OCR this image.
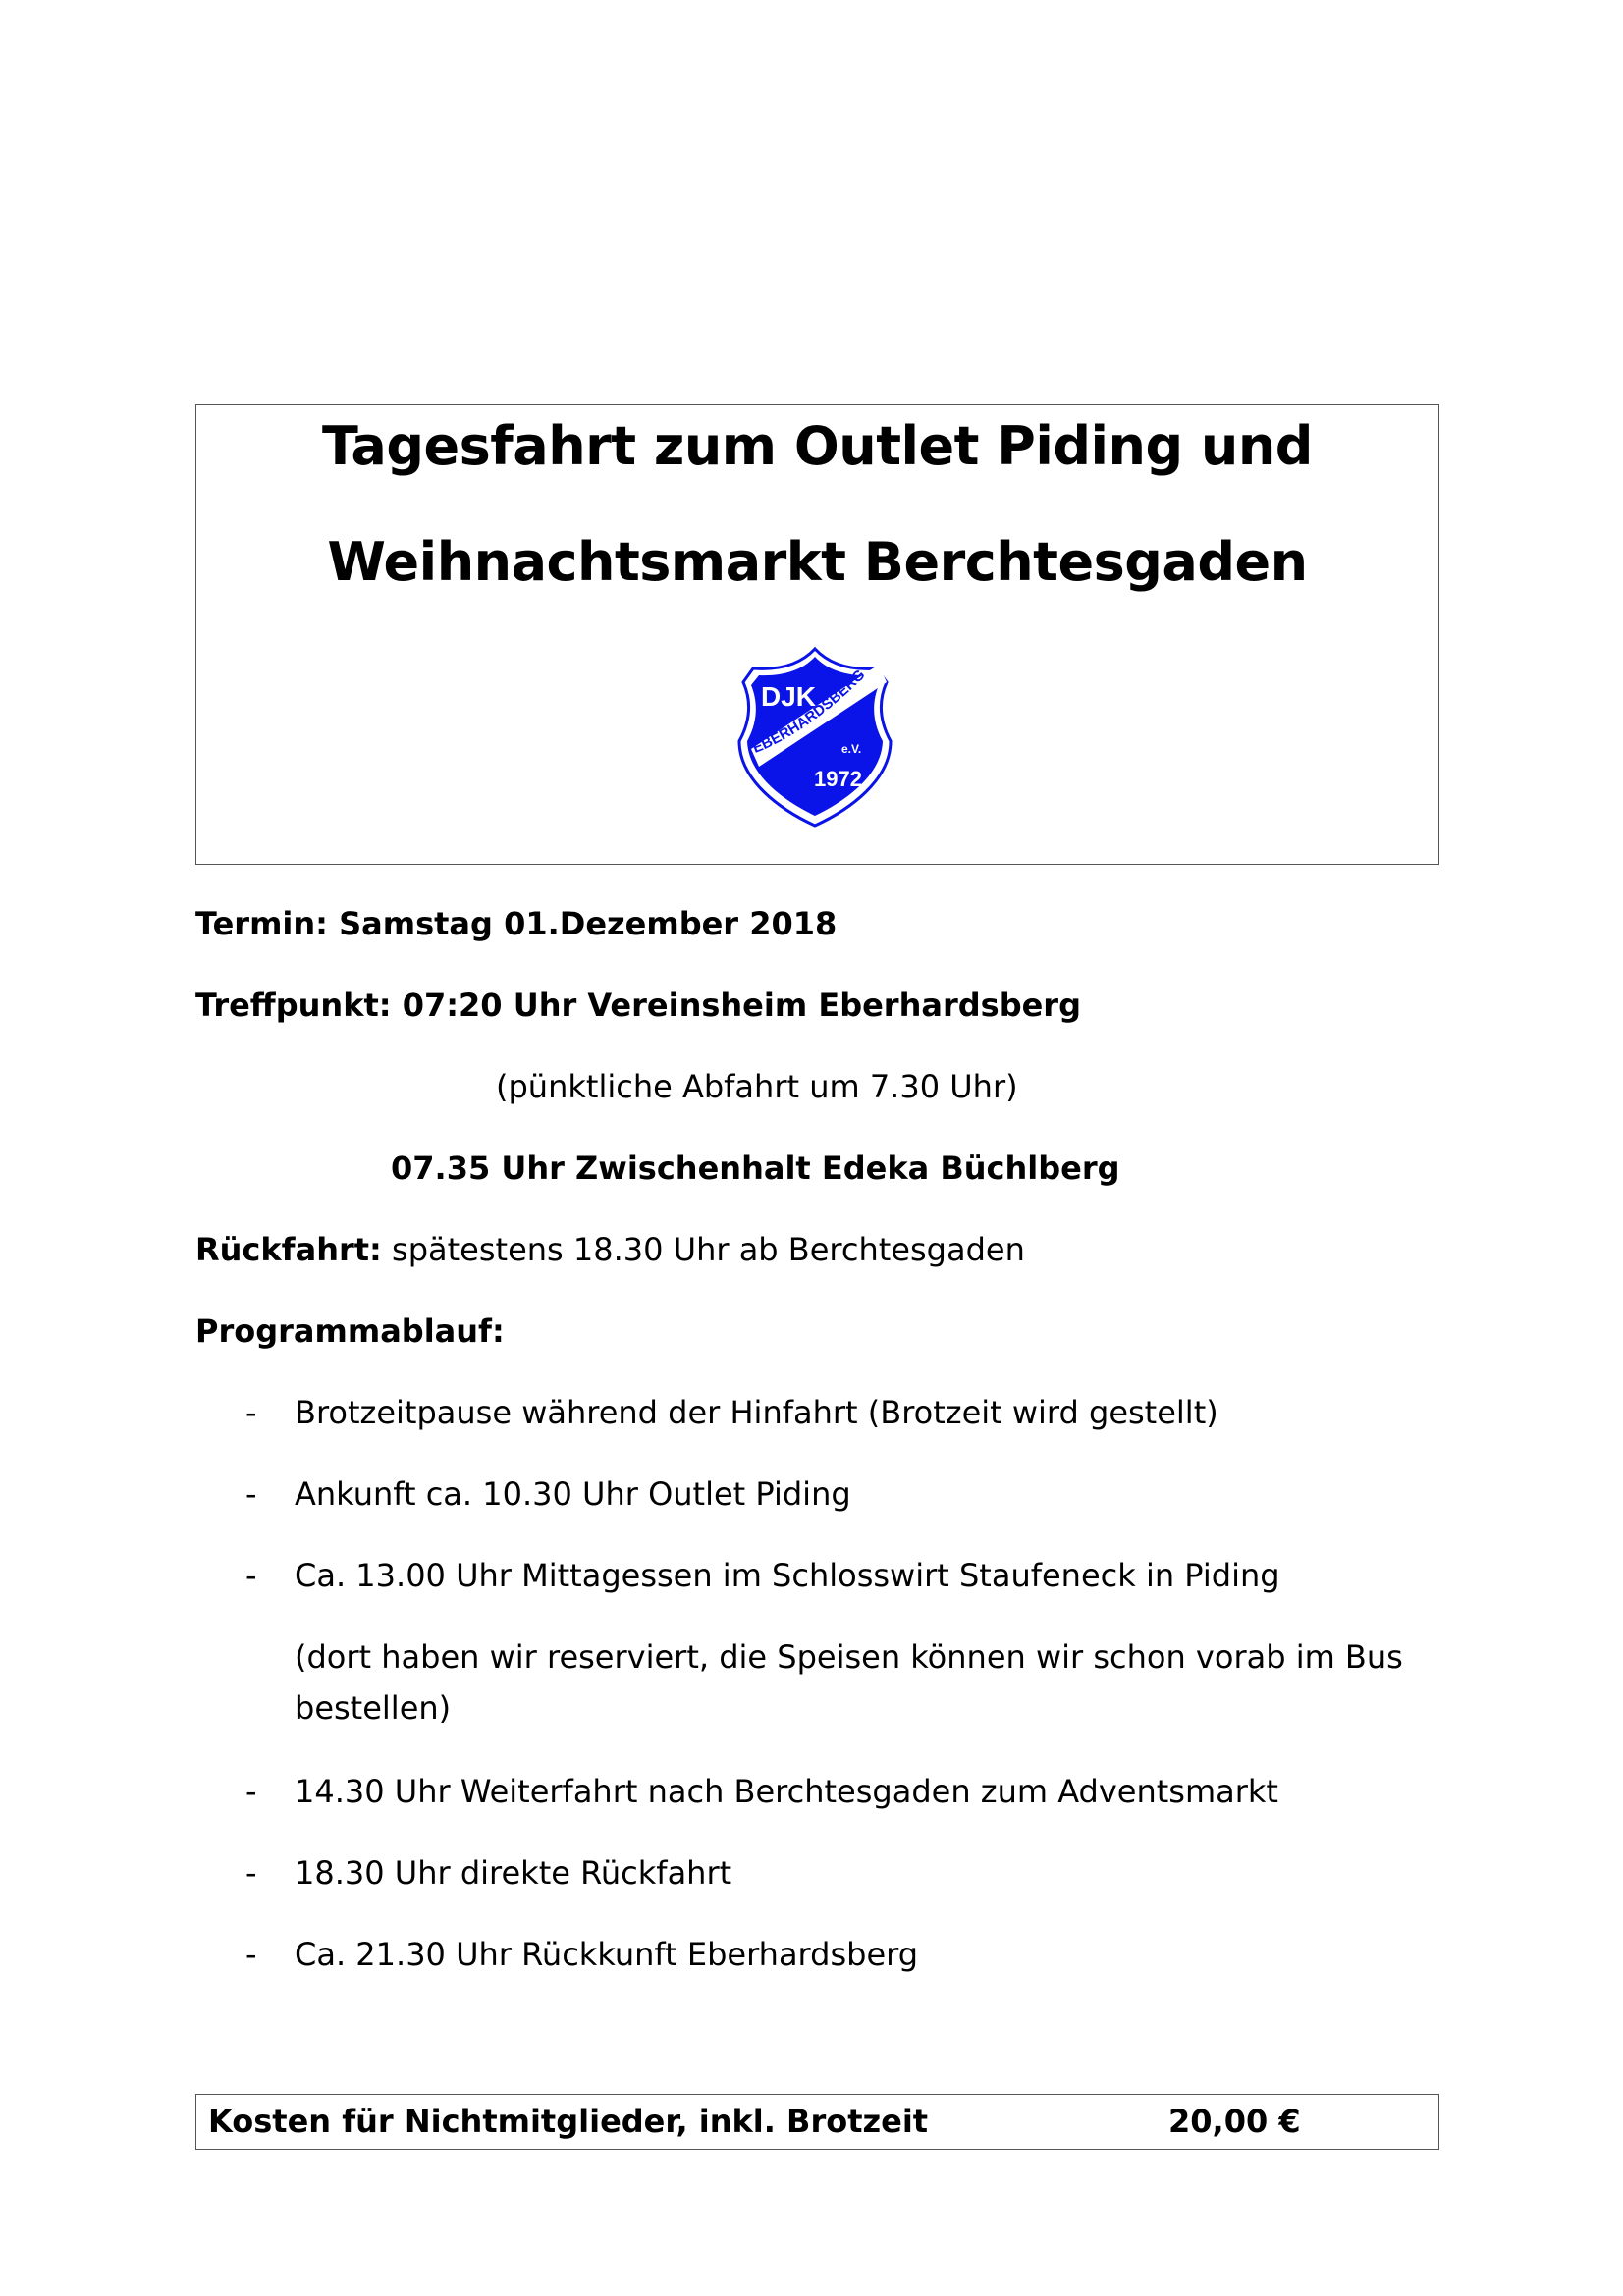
Tagesfahrt zum Outlet Piding und
Weihnachtsmarkt Berchtesgaden
DJK
EBERHARDSBERG
e.V.
1972
Termin: Samstag 01.Dezember 2018
Treffpunkt: 07:20 Uhr Vereinsheim Eberhardsberg
(pünktliche Abfahrt um 7.30 Uhr)
07.35 Uhr Zwischenhalt Edeka Büchlberg
Rückfahrt: spätestens 18.30 Uhr ab Berchtesgaden
Programmablauf:
- Brotzeitpause während der Hinfahrt (Brotzeit wird gestellt)
- Ankunft ca. 10.30 Uhr Outlet Piding
- Ca. 13.00 Uhr Mittagessen im Schlosswirt Staufeneck in Piding
(dort haben wir reserviert, die Speisen können wir schon vorab im Bus
bestellen)
- 14.30 Uhr Weiterfahrt nach Berchtesgaden zum Adventsmarkt
- 18.30 Uhr direkte Rückfahrt
- Ca. 21.30 Uhr Rückkunft Eberhardsberg
Kosten für Nichtmitglieder, inkl. Brotzeit	20,00 €
